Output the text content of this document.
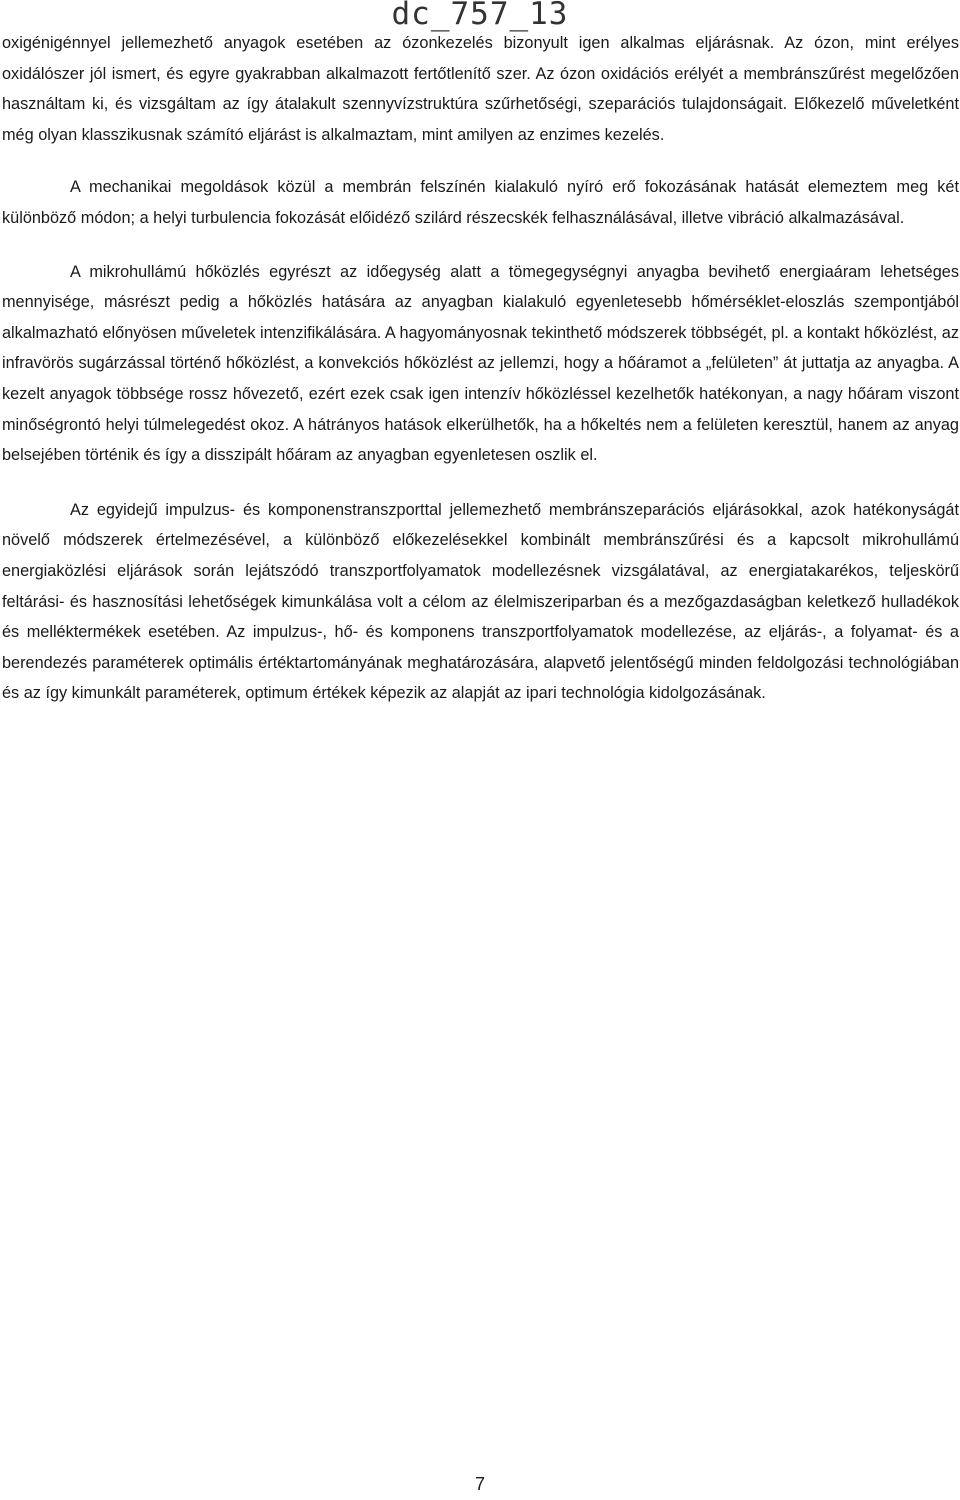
dc_757_13

oxigénigénnyel jellemezhető anyagok esetében az ózonkezelés bizonyult igen alkalmas eljárásnak. Az ózon, mint erélyes oxidálószer jól ismert, és egyre gyakrabban alkalmazott fertőtlenítő szer. Az ózon oxidációs erélyét a membránszűrést megelőzően használtam ki, és vizsgáltam az így átalakult szennyvízstruktúra szűrhetőségi, szeparációs tulajdonságait. Előkezelő műveletként még olyan klasszikusnak számító eljárást is alkalmaztam, mint amilyen az enzimes kezelés.

A mechanikai megoldások közül a membrán felszínén kialakuló nyíró erő fokozásának hatását elemeztem meg két különböző módon; a helyi turbulencia fokozását előidéző szilárd részecskék felhasználásával, illetve vibráció alkalmazásával.

A mikrohullámú hőközlés egyrészt az időegység alatt a tömegegységnyi anyagba bevihető energiaáram lehetséges mennyisége, másrészt pedig a hőközlés hatására az anyagban kialakuló egyenletesebb hőmérséklet-eloszlás szempontjából alkalmazható előnyösen műveletek intenzifikálására. A hagyományosnak tekinthető módszerek többségét, pl. a kontakt hőközlést, az infravörös sugárzással történő hőközlést, a konvekciós hőközlést az jellemzi, hogy a hőáramot a „felületen” át juttatja az anyagba. A kezelt anyagok többsége rossz hővezető, ezért ezek csak igen intenzív hőközléssel kezelhetők hatékonyan, a nagy hőáram viszont minőségrontó helyi túlmelegedést okoz. A hátrányos hatások elkerülhetők, ha a hőkeltés nem a felületen keresztül, hanem az anyag belsejében történik és így a disszipált hőáram az anyagban egyenletesen oszlik el.

Az egyidejű impulzus- és komponenstranszporttal jellemezhető membránszeparációs eljárásokkal, azok hatékonyságát növelő módszerek értelmezésével, a különböző előkezelésekkel kombinált membránszűrési és a kapcsolt mikrohullámú energiaközlési eljárások során lejátszódó transzportfolyamatok modellezésnek vizsgálatával, az energiatakarékos, teljeskörű feltárási- és hasznosítási lehetőségek kimunkálása volt a célom az élelmiszeriparban és a mezőgazdaságban keletkező hulladékok és melléktermékek esetében. Az impulzus-, hő- és komponens transzportfolyamatok modellezése, az eljárás-, a folyamat- és a berendezés paraméterek optimális értéktartományának meghatározására, alapvető jelentőségű minden feldolgozási technológiában és az így kimunkált paraméterek, optimum értékek képezik az alapját az ipari technológia kidolgozásának.

7
